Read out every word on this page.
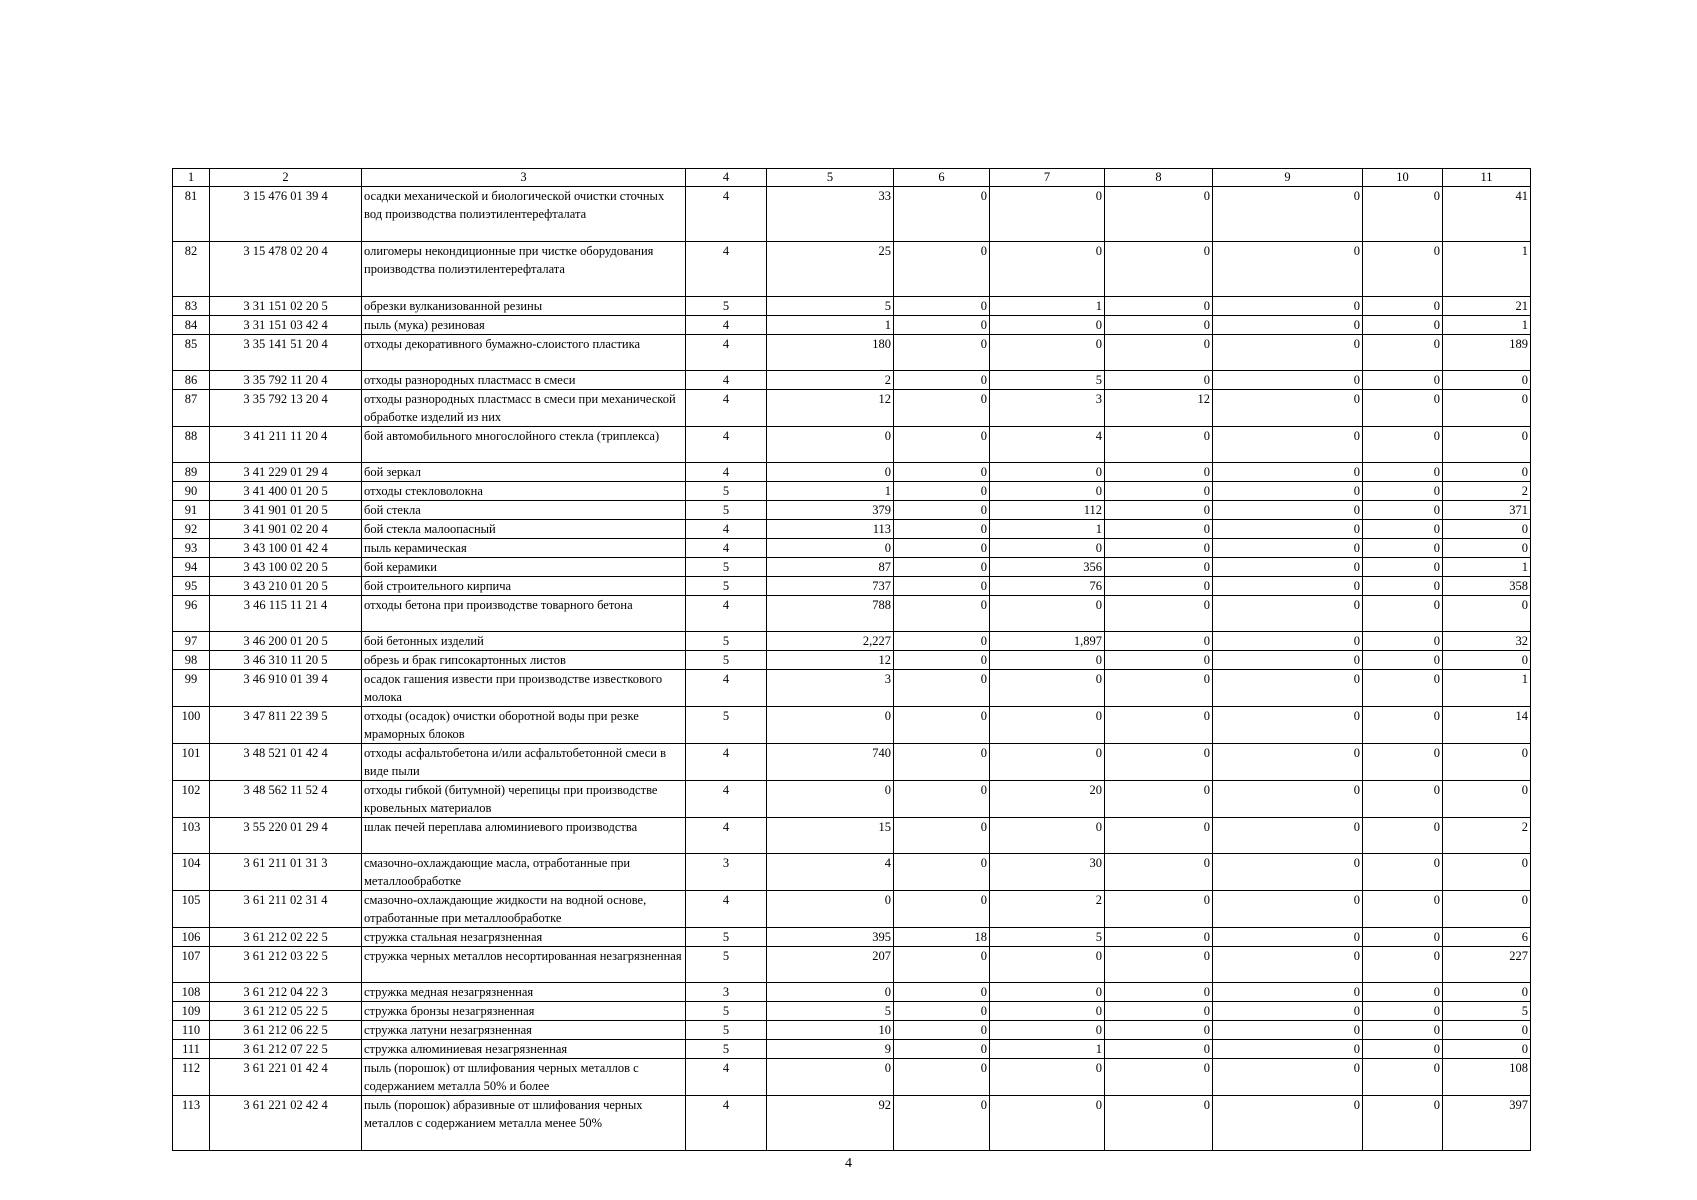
1	2	3	4	5	6	7	8	9	10	11
81	3 15 476 01 39 4	осадки механической и биологической очистки сточных вод производства полиэтилентерефталата	4	33	0	0	0	0	0	41
82	3 15 478 02 20 4	олигомеры некондиционные при чистке оборудования производства полиэтилентерефталата	4	25	0	0	0	0	0	1
83	3 31 151 02 20 5	обрезки вулканизованной резины	5	5	0	1	0	0	0	21
84	3 31 151 03 42 4	пыль (мука) резиновая	4	1	0	0	0	0	0	1
85	3 35 141 51 20 4	отходы декоративного бумажно-слоистого пластика	4	180	0	0	0	0	0	189
86	3 35 792 11 20 4	отходы разнородных пластмасс в смеси	4	2	0	5	0	0	0	0
87	3 35 792 13 20 4	отходы разнородных пластмасс в смеси при механической обработке изделий из них	4	12	0	3	12	0	0	0
88	3 41 211 11 20 4	бой автомобильного многослойного стекла (триплекса)	4	0	0	4	0	0	0	0
89	3 41 229 01 29 4	бой зеркал	4	0	0	0	0	0	0	0
90	3 41 400 01 20 5	отходы стекловолокна	5	1	0	0	0	0	0	2
91	3 41 901 01 20 5	бой стекла	5	379	0	112	0	0	0	371
92	3 41 901 02 20 4	бой стекла малоопасный	4	113	0	1	0	0	0	0
93	3 43 100 01 42 4	пыль керамическая	4	0	0	0	0	0	0	0
94	3 43 100 02 20 5	бой керамики	5	87	0	356	0	0	0	1
95	3 43 210 01 20 5	бой строительного кирпича	5	737	0	76	0	0	0	358
96	3 46 115 11 21 4	отходы бетона при производстве товарного бетона	4	788	0	0	0	0	0	0
97	3 46 200 01 20 5	бой бетонных изделий	5	2,227	0	1,897	0	0	0	32
98	3 46 310 11 20 5	обрезь и брак гипсокартонных листов	5	12	0	0	0	0	0	0
99	3 46 910 01 39 4	осадок гашения извести при производстве известкового молока	4	3	0	0	0	0	0	1
100	3 47 811 22 39 5	отходы (осадок) очистки оборотной воды при резке мраморных блоков	5	0	0	0	0	0	0	14
101	3 48 521 01 42 4	отходы асфальтобетона и/или асфальтобетонной смеси в виде пыли	4	740	0	0	0	0	0	0
102	3 48 562 11 52 4	отходы гибкой (битумной) черепицы при производстве кровельных материалов	4	0	0	20	0	0	0	0
103	3 55 220 01 29 4	шлак печей переплава алюминиевого производства	4	15	0	0	0	0	0	2
104	3 61 211 01 31 3	смазочно-охлаждающие масла, отработанные при металлообработке	3	4	0	30	0	0	0	0
105	3 61 211 02 31 4	смазочно-охлаждающие жидкости на водной основе, отработанные при металлообработке	4	0	0	2	0	0	0	0
106	3 61 212 02 22 5	стружка стальная незагрязненная	5	395	18	5	0	0	0	6
107	3 61 212 03 22 5	стружка черных металлов несортированная незагрязненная	5	207	0	0	0	0	0	227
108	3 61 212 04 22 3	стружка медная незагрязненная	3	0	0	0	0	0	0	0
109	3 61 212 05 22 5	стружка бронзы незагрязненная	5	5	0	0	0	0	0	5
110	3 61 212 06 22 5	стружка латуни незагрязненная	5	10	0	0	0	0	0	0
111	3 61 212 07 22 5	стружка алюминиевая незагрязненная	5	9	0	1	0	0	0	0
112	3 61 221 01 42 4	пыль (порошок) от шлифования черных металлов с содержанием металла 50% и более	4	0	0	0	0	0	0	108
113	3 61 221 02 42 4	пыль (порошок) абразивные от шлифования черных металлов с содержанием металла менее 50%	4	92	0	0	0	0	0	397
4
